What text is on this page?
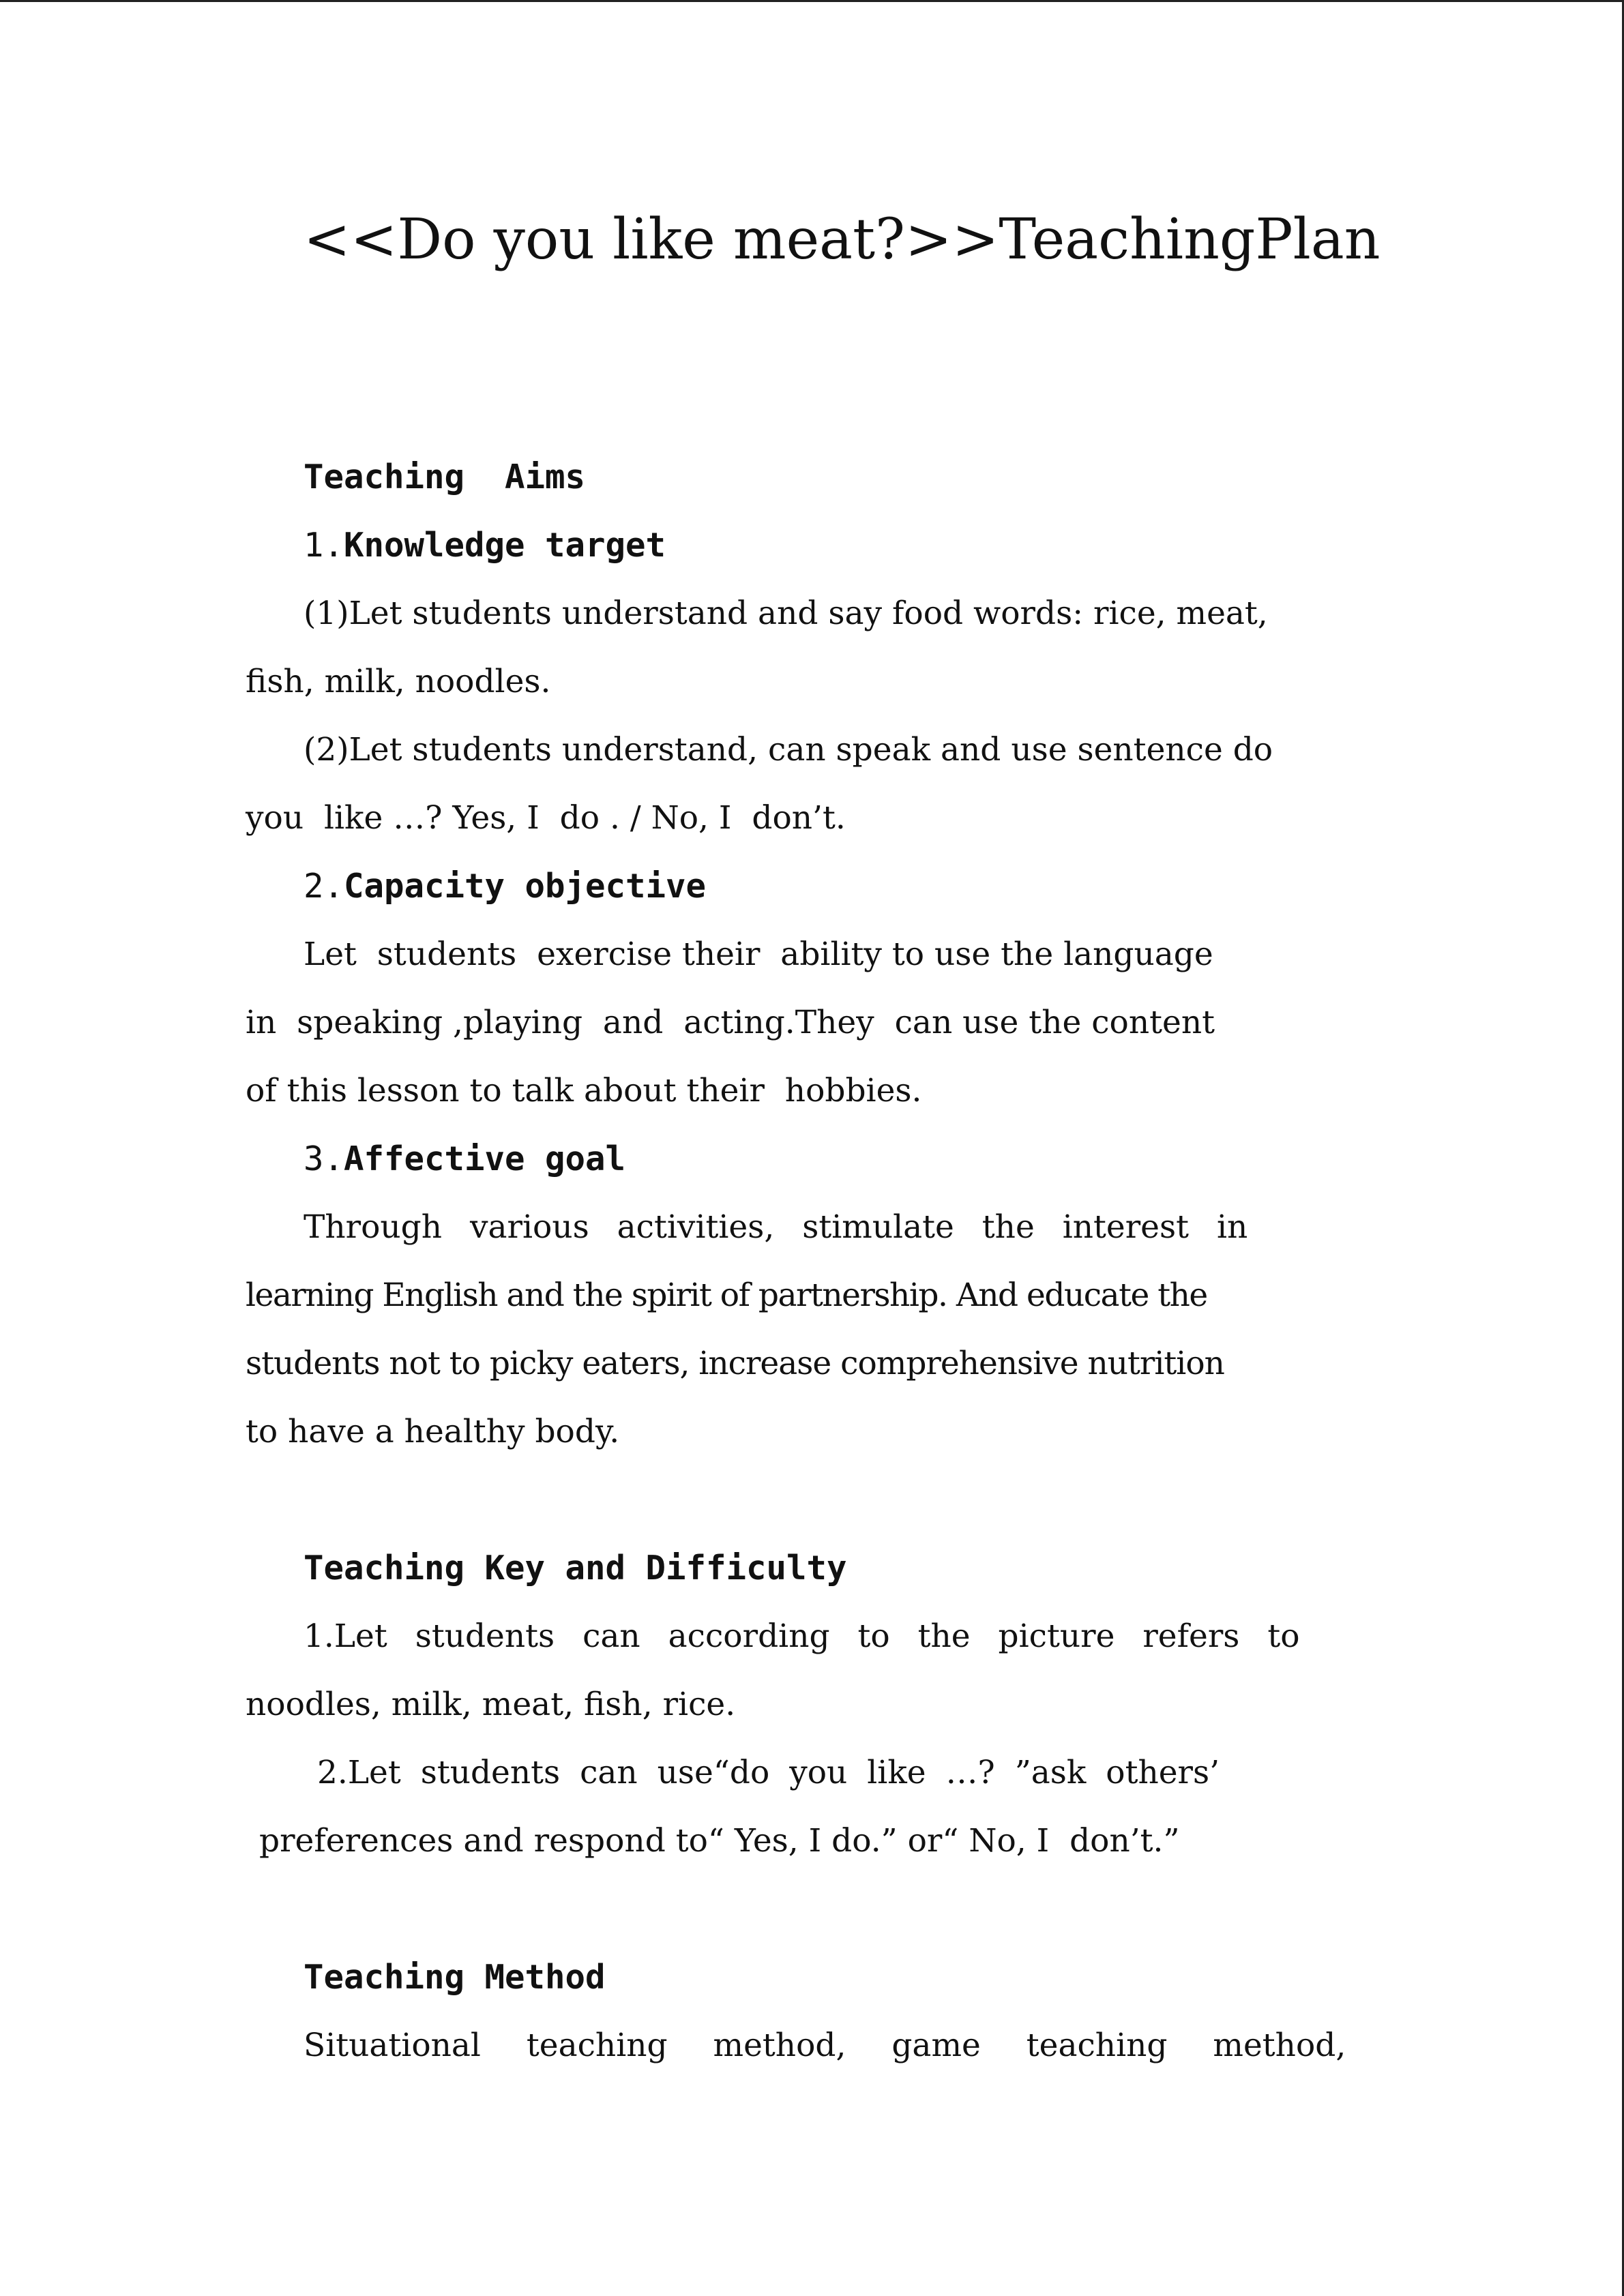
<<Do you like meat?>> Teaching Plan
Teaching  Aims
1.Knowledge target
(1)Let students understand and say food words: rice, meat,
fish, milk, noodles.
(2)Let students understand, can speak and use sentence do
you  like …? Yes, I  do . / No, I  don’t.
2.Capacity objective
Let  students  exercise their  ability to use the language
in  speaking ,playing  and  acting.They  can use the content
of this lesson to talk about their  hobbies.
3.Affective goal
Through various activities, stimulate the interest in
learning English and the spirit of partnership. And educate the
students not to picky eaters, increase comprehensive nutrition
to have a healthy body.
Teaching Key and Difficulty
1.Let students can according to the picture refers to
noodles, milk, meat, fish, rice.
2.Let students can use“do you like …? ”ask others’
preferences and respond to“ Yes, I do.” or“ No, I  don’t.”
Teaching Method
Situational teaching method, game teaching method,
